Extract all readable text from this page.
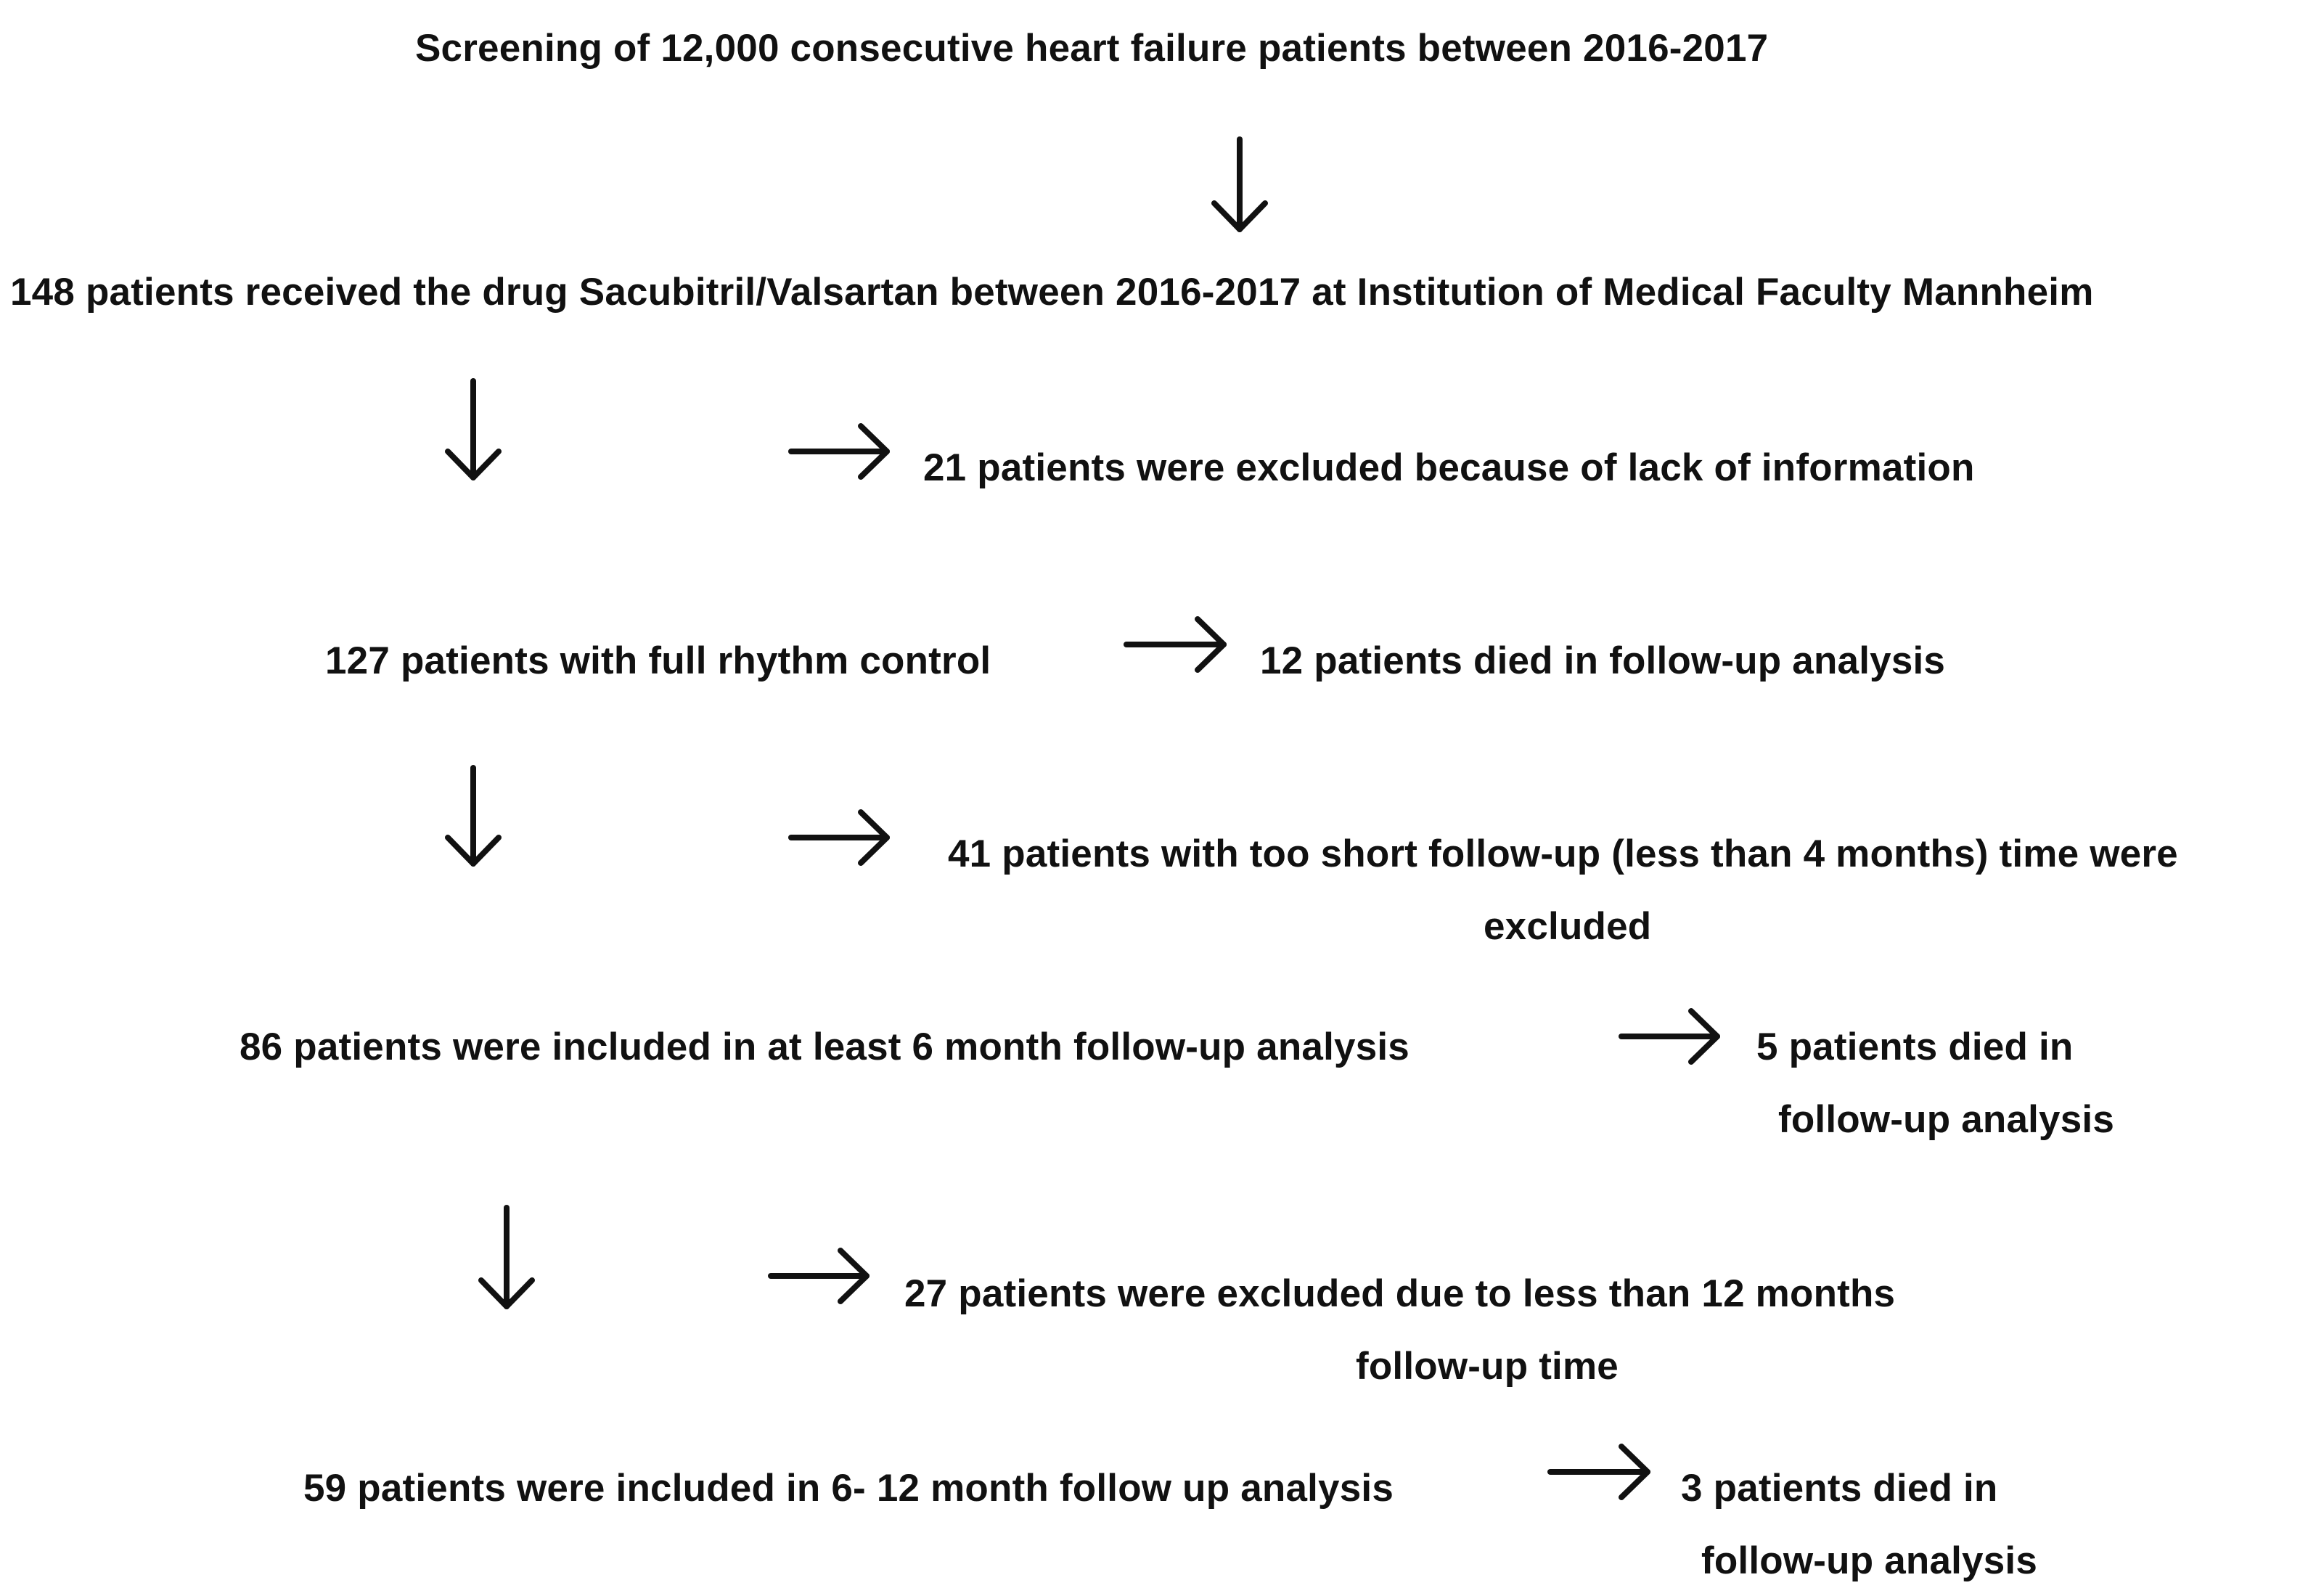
Screening of 12,000 consecutive heart failure patients between 2016-2017
148 patients received the drug Sacubitril/Valsartan between 2016-2017 at Institution of Medical Faculty Mannheim
21 patients were excluded because of lack of information
127 patients with full rhythm control	12 patients died in follow-up analysis
41 patients with too short follow-up (less than 4 months) time were
excluded
86 patients were included in at least 6 month follow-up analysis	5 patients died in
follow-up analysis
27 patients were excluded due to less than 12 months
follow-up time
59 patients were included in 6- 12 month follow up analysis	3 patients died in
follow-up analysis
